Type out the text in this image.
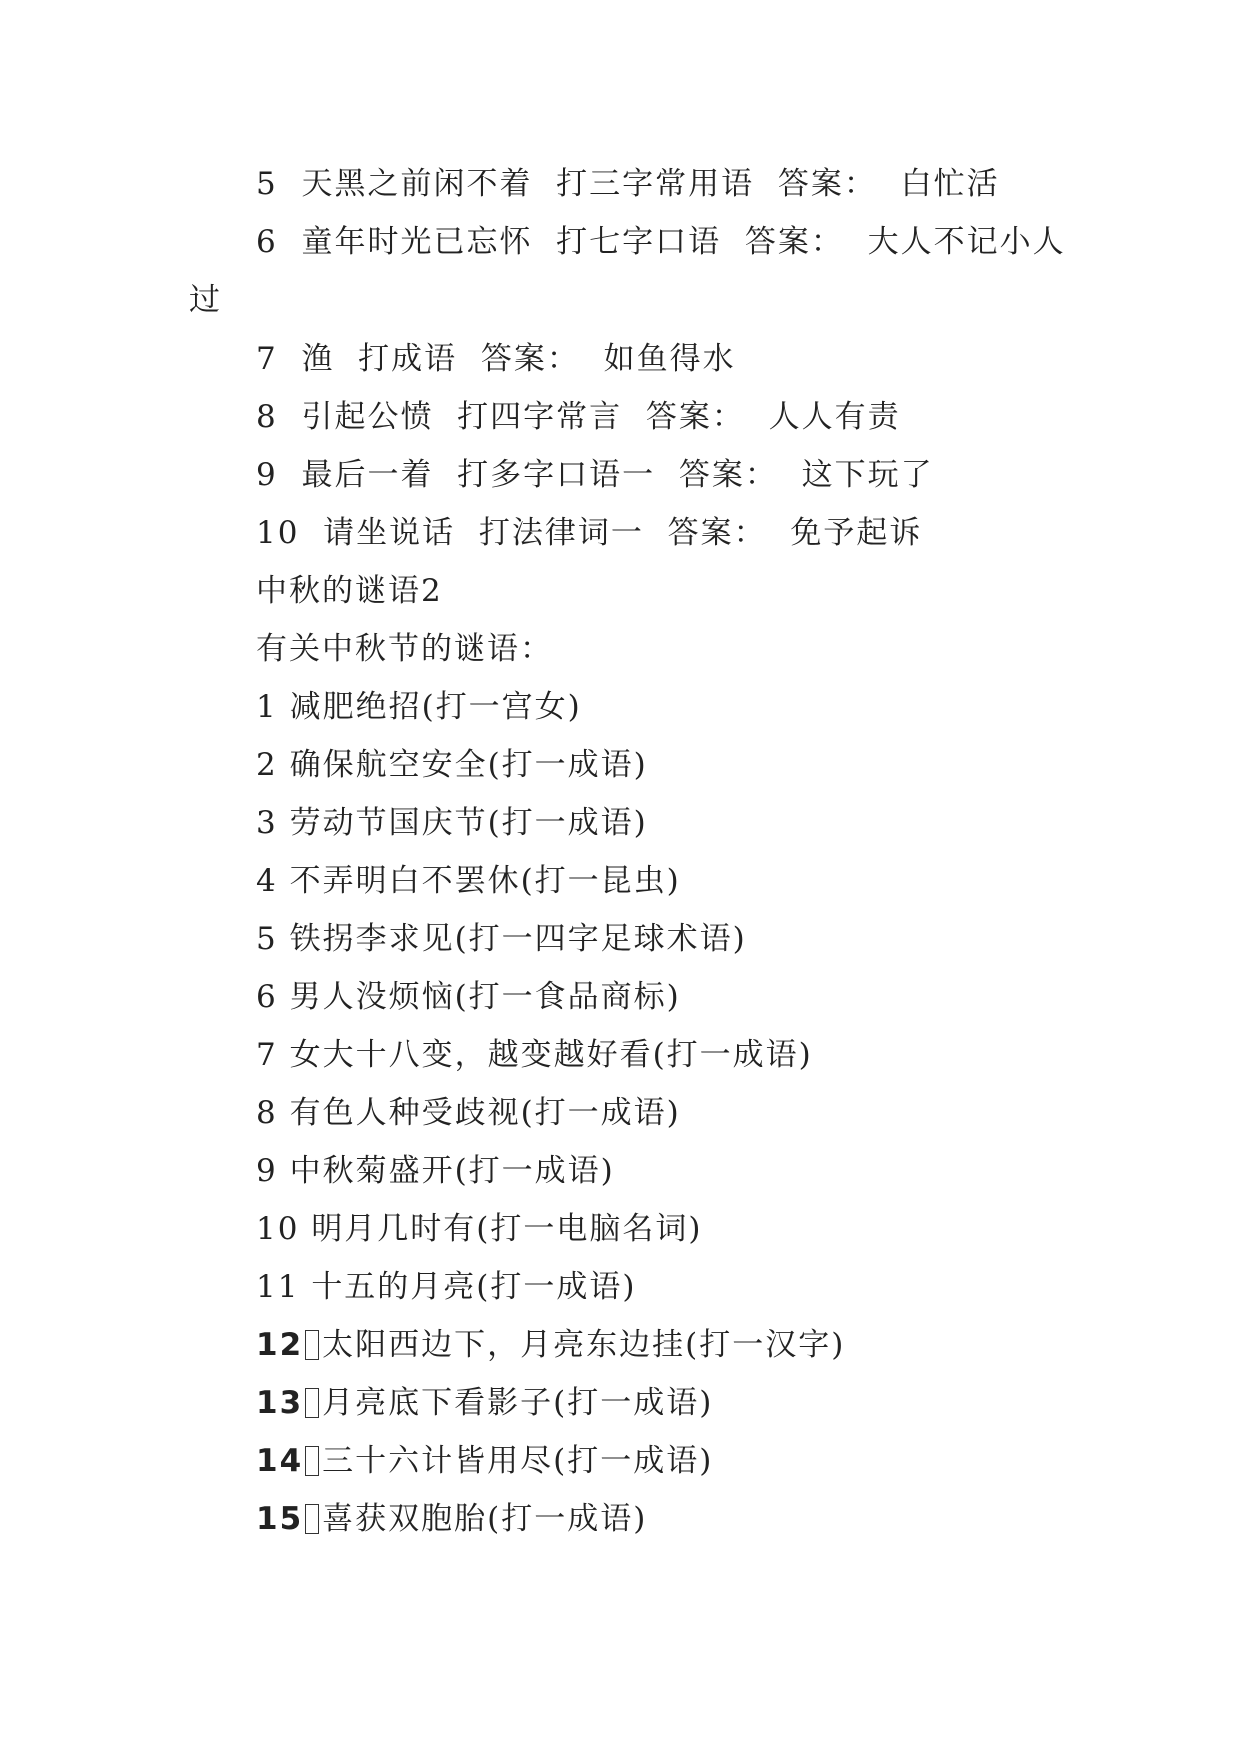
5 天黑之前闲不着 打三字常用语 答案： 白忙活
6 童年时光已忘怀 打七字口语 答案： 大人不记小人
过
7 渔 打成语 答案： 如鱼得水
8 引起公愤 打四字常言 答案： 人人有责
9 最后一着 打多字口语一 答案： 这下玩了
10 请坐说话 打法律词一 答案： 免予起诉
中秋的谜语2
有关中秋节的谜语：
1 减肥绝招(打一宫女)
2 确保航空安全(打一成语)
3 劳动节国庆节(打一成语)
4 不弄明白不罢休(打一昆虫)
5 铁拐李求见(打一四字足球术语)
6 男人没烦恼(打一食品商标)
7 女大十八变，越变越好看(打一成语)
8 有色人种受歧视(打一成语)
9 中秋菊盛开(打一成语)
10 明月几时有(打一电脑名词)
11 十五的月亮(打一成语)
12 太阳西边下，月亮东边挂(打一汉字)
13 月亮底下看影子(打一成语)
14 三十六计皆用尽(打一成语)
15 喜获双胞胎(打一成语)
